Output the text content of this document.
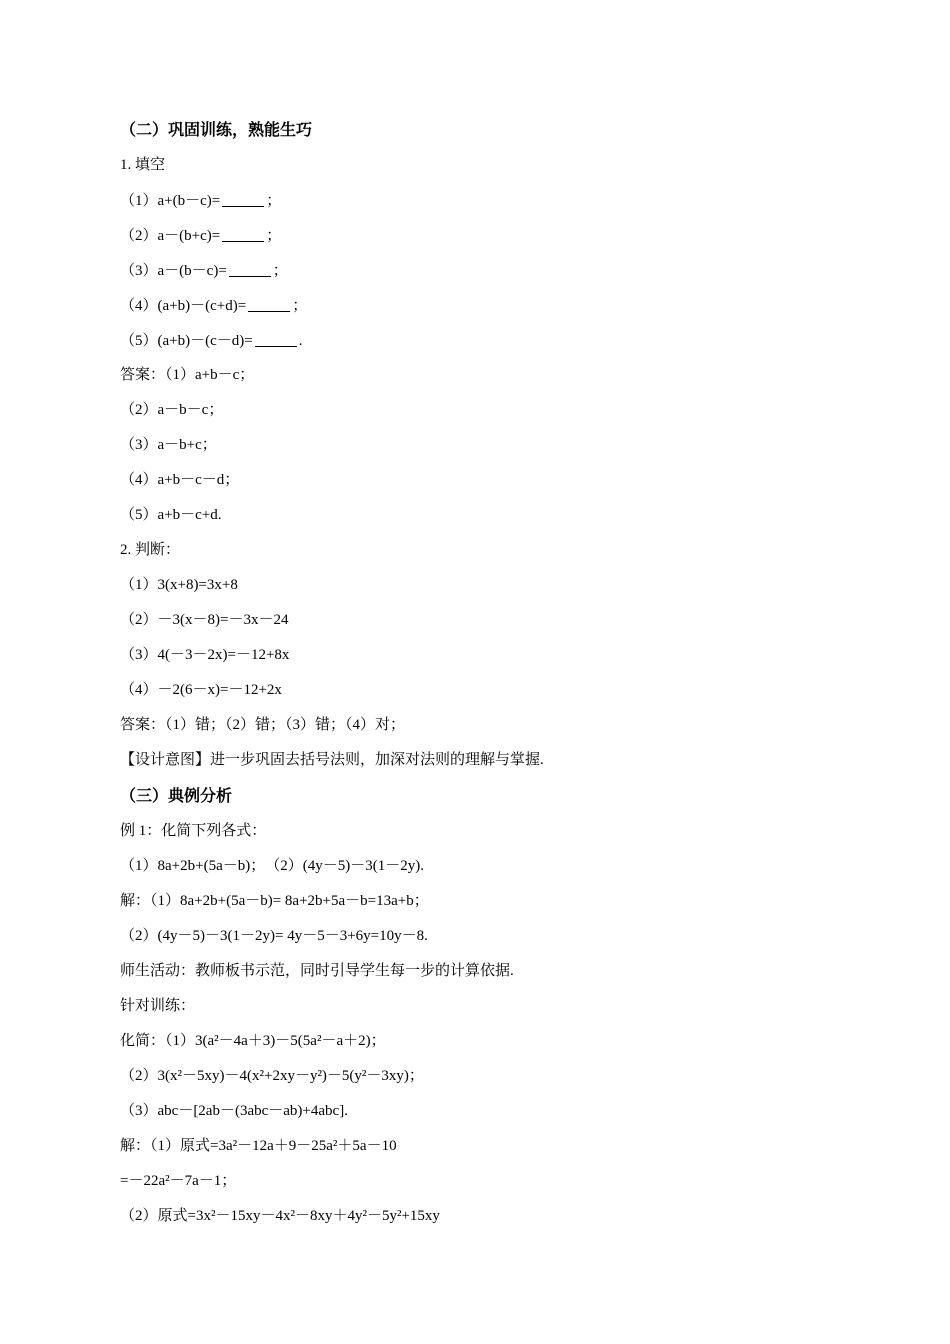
（二）巩固训练，熟能生巧
1. 填空
（1）a+(b－c)=	；
（2）a－(b+c)=	；
（3）a－(b－c)=	；
（4）(a+b)－(c+d)=	；
（5）(a+b)－(c－d)=	.
答案：（1）a+b－c；
（2）a－b－c；
（3）a－b+c；
（4）a+b－c－d；
（5）a+b－c+d.
2. 判断：
（1）3(x+8)=3x+8
（2）－3(x－8)=－3x－24
（3）4(－3－2x)=－12+8x
（4）－2(6－x)=－12+2x
答案：（1）错；（2）错；（3）错；（4）对；
【设计意图】进一步巩固去括号法则，加深对法则的理解与掌握.
（三）典例分析
例 1：化简下列各式：
（1）8a+2b+(5a－b)；　（2）(4y－5)－3(1－2y).
解：（1）8a+2b+(5a－b)= 8a+2b+5a－b=13a+b；
（2）(4y－5)－3(1－2y)= 4y－5－3+6y=10y－8.
师生活动：教师板书示范，同时引导学生每一步的计算依据.
针对训练：
化简：（1）3(a²－4a＋3)－5(5a²－a＋2)；
（2）3(x²－5xy)－4(x²+2xy－y²)－5(y²－3xy)；
（3）abc－[2ab－(3abc－ab)+4abc].
解：（1）原式=3a²－12a＋9－25a²＋5a－10
=－22a²－7a－1；
（2）原式=3x²－15xy－4x²－8xy＋4y²－5y²+15xy
